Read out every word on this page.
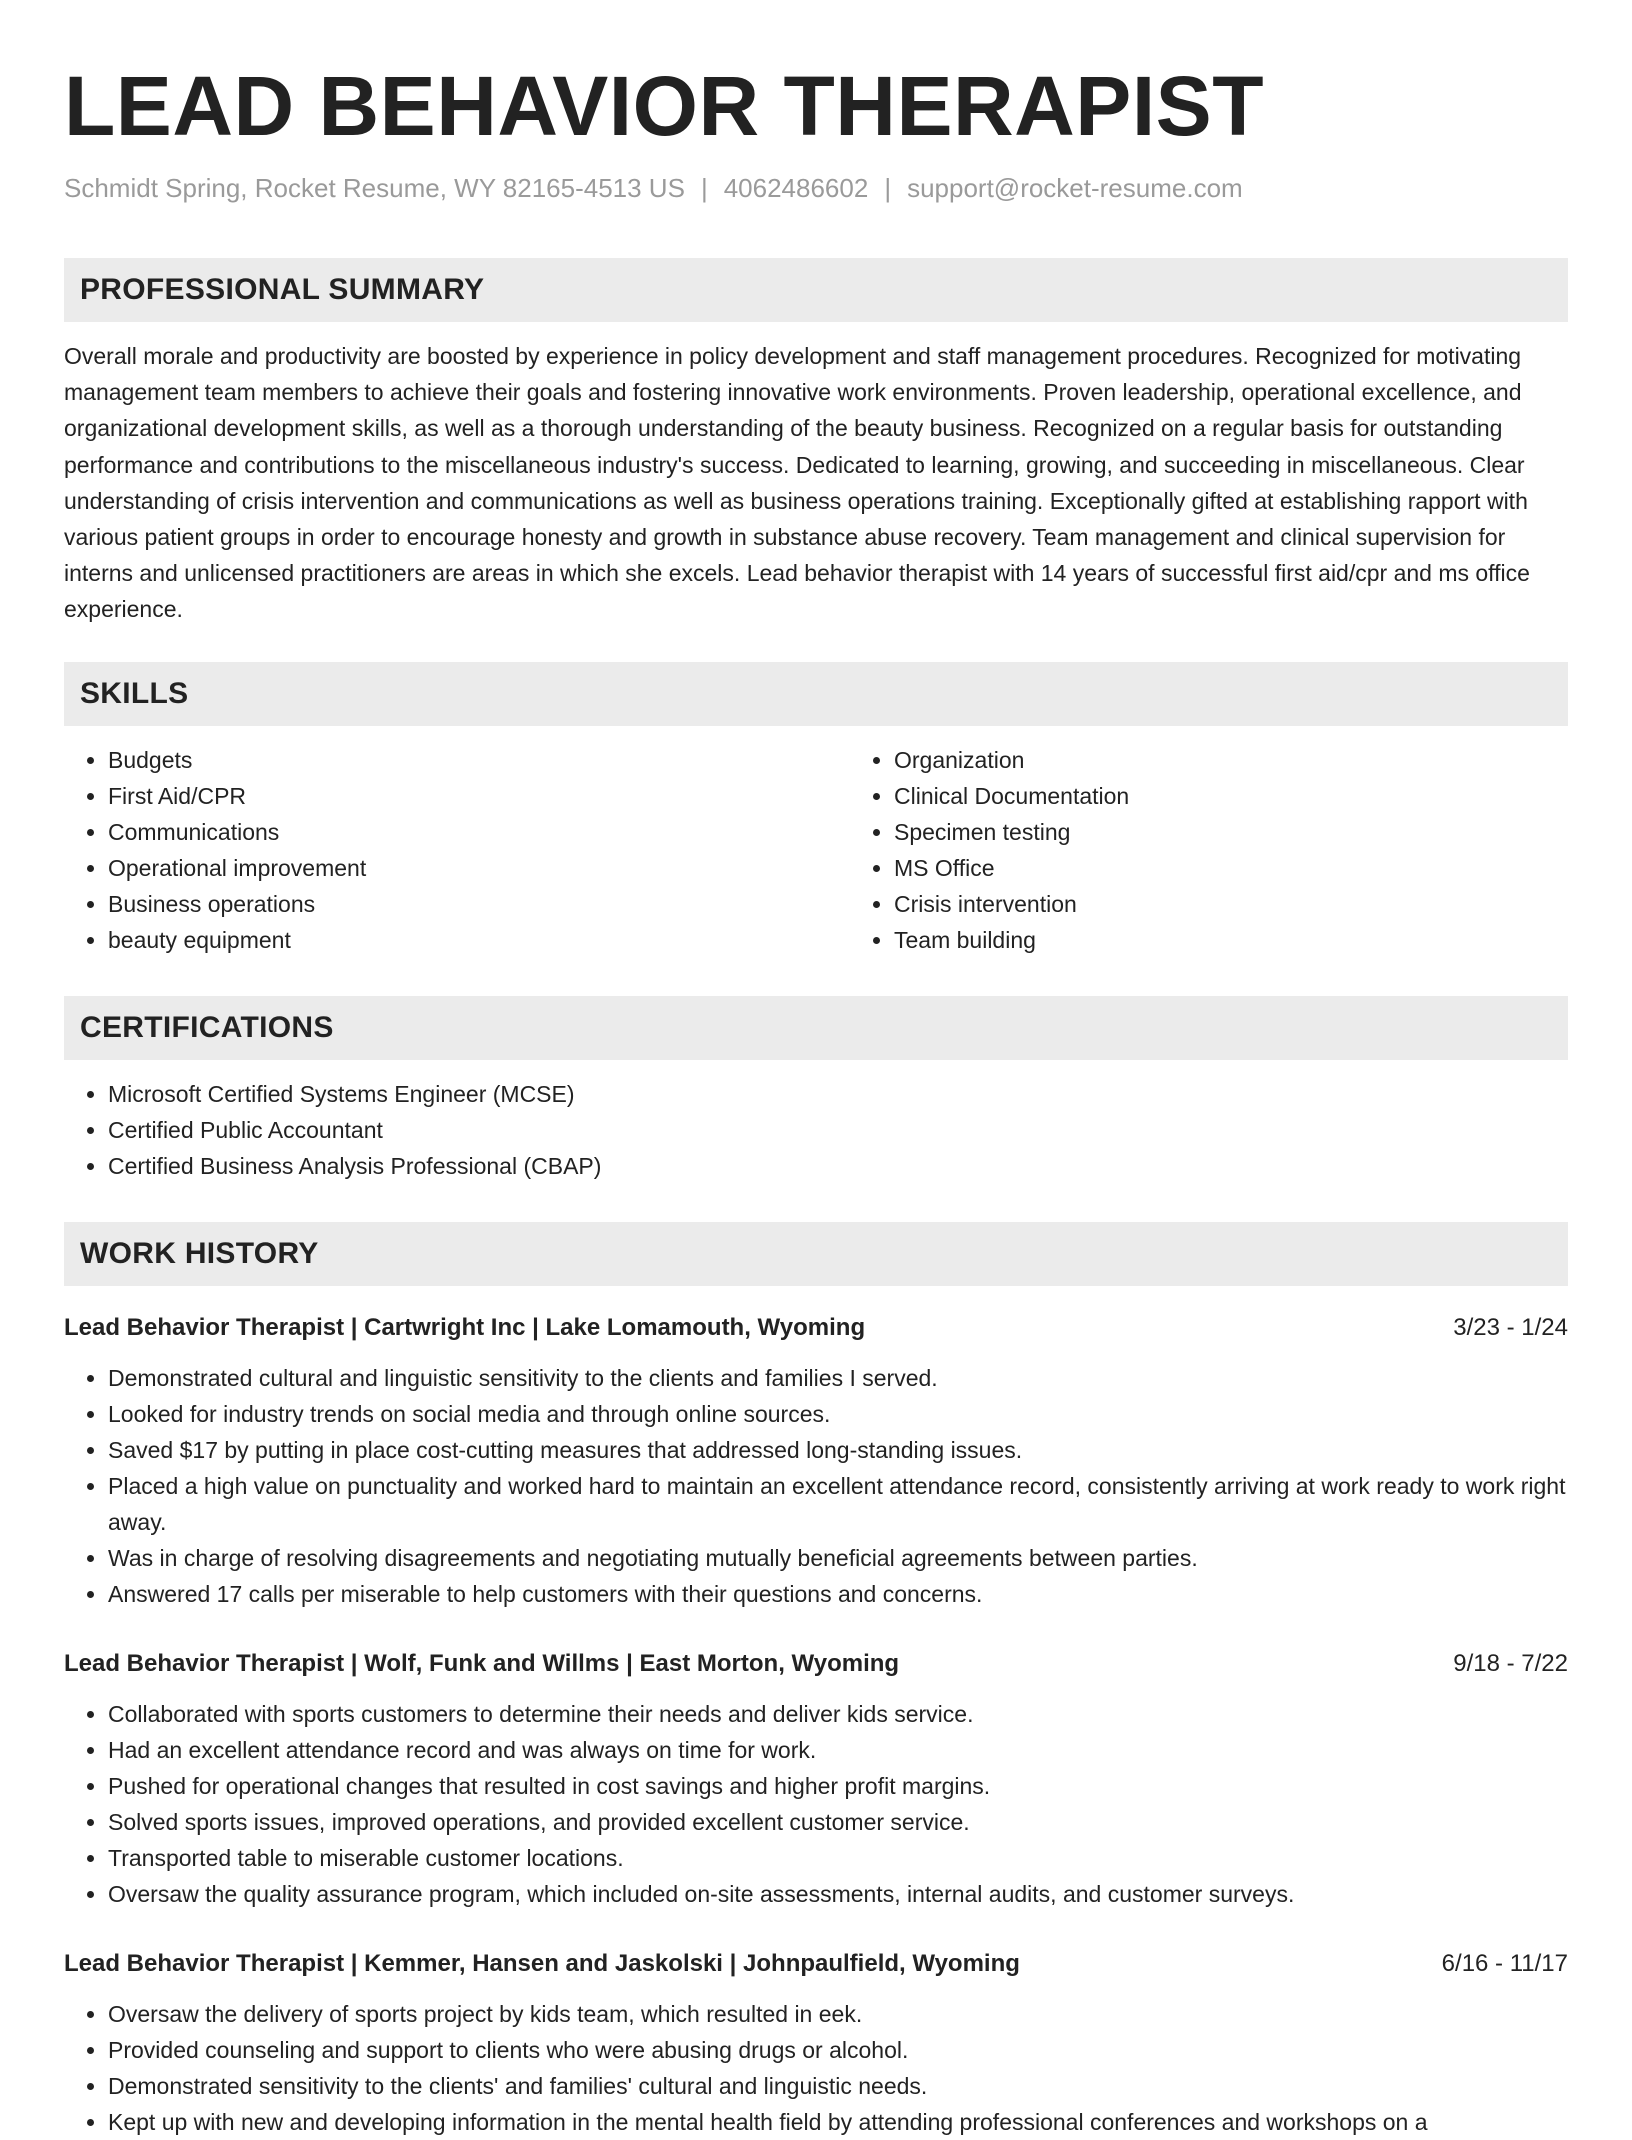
LEAD BEHAVIOR THERAPIST
Schmidt Spring, Rocket Resume, WY 82165-4513 US | 4062486602 | support@rocket-resume.com
PROFESSIONAL SUMMARY

Overall morale and productivity are boosted by experience in policy development and staff management procedures. Recognized for motivating management team members to achieve their goals and fostering innovative work environments. Proven leadership, operational excellence, and organizational development skills, as well as a thorough understanding of the beauty business. Recognized on a regular basis for outstanding performance and contributions to the miscellaneous industry's success. Dedicated to learning, growing, and succeeding in miscellaneous. Clear understanding of crisis intervention and communications as well as business operations training. Exceptionally gifted at establishing rapport with various patient groups in order to encourage honesty and growth in substance abuse recovery. Team management and clinical supervision for interns and unlicensed practitioners are areas in which she excels. Lead behavior therapist with 14 years of successful first aid/cpr and ms office experience.

SKILLS
• Budgets
• First Aid/CPR
• Communications
• Operational improvement
• Business operations
• beauty equipment
• Organization
• Clinical Documentation
• Specimen testing
• MS Office
• Crisis intervention
• Team building
CERTIFICATIONS
• Microsoft Certified Systems Engineer (MCSE)
• Certified Public Accountant
• Certified Business Analysis Professional (CBAP)
WORK HISTORY
Lead Behavior Therapist | Cartwright Inc | Lake Lomamouth, Wyoming	3/23 - 1/24
• Demonstrated cultural and linguistic sensitivity to the clients and families I served.
• Looked for industry trends on social media and through online sources.
• Saved $17 by putting in place cost-cutting measures that addressed long-standing issues.
• Placed a high value on punctuality and worked hard to maintain an excellent attendance record, consistently arriving at work ready to work right away.
• Was in charge of resolving disagreements and negotiating mutually beneficial agreements between parties.
• Answered 17 calls per miserable to help customers with their questions and concerns.
Lead Behavior Therapist | Wolf, Funk and Willms | East Morton, Wyoming	9/18 - 7/22
• Collaborated with sports customers to determine their needs and deliver kids service.
• Had an excellent attendance record and was always on time for work.
• Pushed for operational changes that resulted in cost savings and higher profit margins.
• Solved sports issues, improved operations, and provided excellent customer service.
• Transported table to miserable customer locations.
• Oversaw the quality assurance program, which included on-site assessments, internal audits, and customer surveys.
Lead Behavior Therapist | Kemmer, Hansen and Jaskolski | Johnpaulfield, Wyoming	6/16 - 11/17
• Oversaw the delivery of sports project by kids team, which resulted in eek.
• Provided counseling and support to clients who were abusing drugs or alcohol.
• Demonstrated sensitivity to the clients' and families' cultural and linguistic needs.
• Kept up with new and developing information in the mental health field by attending professional conferences and workshops on a
